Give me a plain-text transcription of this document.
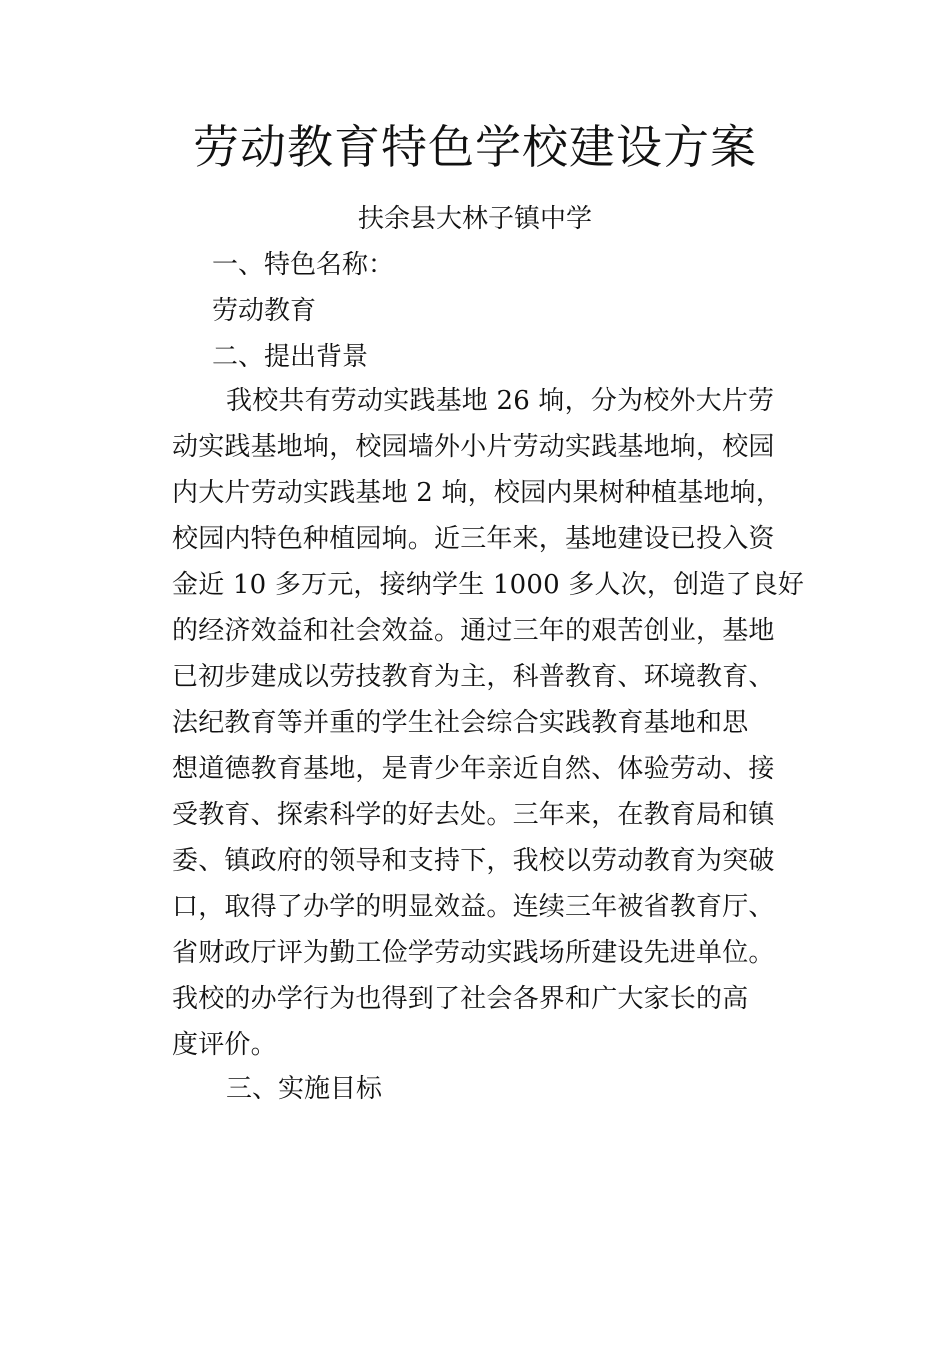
劳动教育特色学校建设方案
扶余县大林子镇中学
一、特色名称：
劳动教育
二、提出背景
我校共有劳动实践基地 26 垧，分为校外大片劳
动实践基地垧，校园墙外小片劳动实践基地垧，校园
内大片劳动实践基地 2 垧，校园内果树种植基地垧，
校园内特色种植园垧。近三年来，基地建设已投入资
金近 10 多万元，接纳学生 1000 多人次，创造了良好
的经济效益和社会效益。通过三年的艰苦创业，基地
已初步建成以劳技教育为主，科普教育、环境教育、
法纪教育等并重的学生社会综合实践教育基地和思
想道德教育基地，是青少年亲近自然、体验劳动、接
受教育、探索科学的好去处。三年来，在教育局和镇
委、镇政府的领导和支持下，我校以劳动教育为突破
口，取得了办学的明显效益。连续三年被省教育厅、
省财政厅评为勤工俭学劳动实践场所建设先进单位。
我校的办学行为也得到了社会各界和广大家长的高
度评价。
三、实施目标
